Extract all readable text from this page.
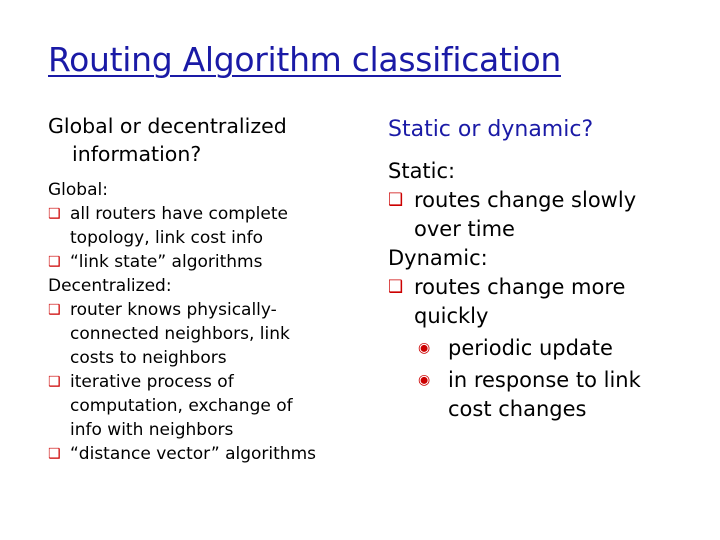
Routing Algorithm classification
Global or decentralized
information?
Global:
❑ all routers have complete
topology, link cost info
❑ “link state” algorithms
Decentralized:
❑ router knows physically-
connected neighbors, link
costs to neighbors
❑ iterative process of
computation, exchange of
info with neighbors
❑ “distance vector” algorithms
Static or dynamic?
Static:
❑ routes change slowly
over time
Dynamic:
❑ routes change more
quickly
◉ periodic update
◉ in response to link
cost changes
